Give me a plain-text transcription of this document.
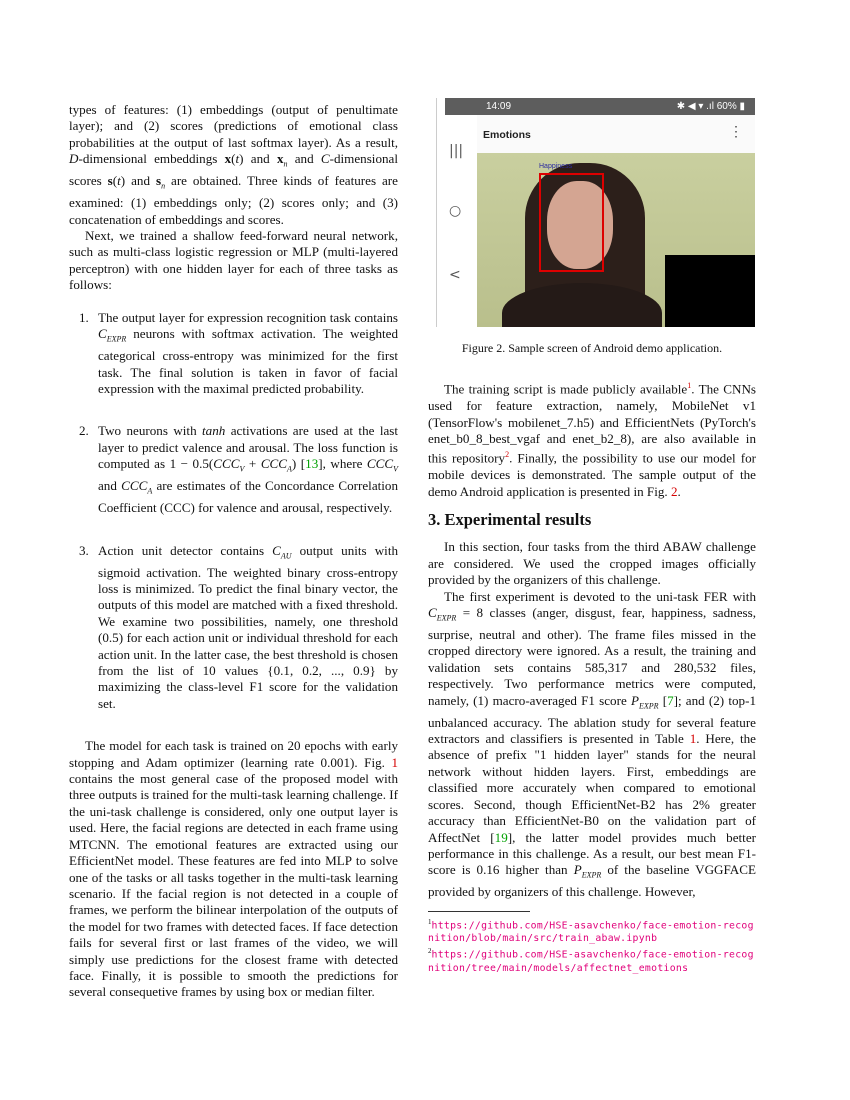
types of features: (1) embeddings (output of penultimate layer); and (2) scores (predictions of emotional class probabilities at the output of last softmax layer). As a result, D-dimensional embeddings x(t) and $x_n$ and C-dimensional scores s(t) and $s_n$ are obtained. Three kinds of features are examined: (1) embeddings only; (2) scores only; and (3) concatenation of embeddings and scores.

Next, we trained a shallow feed-forward neural network, such as multi-class logistic regression or MLP (multi-layered perceptron) with one hidden layer for each of three tasks as follows:

1. The output layer for expression recognition task contains $C_{EXPR}$ neurons with softmax activation. The weighted categorical cross-entropy was minimized for the first task. The final solution is taken in favor of facial expression with the maximal predicted probability.
2. Two neurons with tanh activations are used at the last layer to predict valence and arousal. The loss function is computed as $1 - 0.5(CCC_V + CCC_A)$ [13], where $CCC_V$ and $CCC_A$ are estimates of the Concordance Correlation Coefficient (CCC) for valence and arousal, respectively.
3. Action unit detector contains $C_{AU}$ output units with sigmoid activation. The weighted binary cross-entropy loss is minimized. To predict the final binary vector, the outputs of this model are matched with a fixed threshold. We examine two possibilities, namely, one threshold (0.5) for each action unit or individual threshold for each action unit. In the latter case, the best threshold is chosen from the list of 10 values {0.1, 0.2, ..., 0.9} by maximizing the class-level F1 score for the validation set.

The model for each task is trained on 20 epochs with early stopping and Adam optimizer (learning rate 0.001). Fig. 1 contains the most general case of the proposed model with three outputs is trained for the multi-task learning challenge. If the uni-task challenge is considered, only one output layer is used. Here, the facial regions are detected in each frame using MTCNN. The emotional features are extracted using our EfficientNet model. These features are fed into MLP to solve one of the tasks or all tasks together in the multi-task learning scenario. If the facial region is not detected in a couple of frames, we perform the bilinear interpolation of the outputs of the model for two frames with detected faces. If face detection fails for several first or last frames of the video, we will simply use predictions for the closest frame with detected face. Finally, it is possible to smooth the predictions for several consequetive frames by using box or median filter.

14:09	✱ ◀ ▾ .ıl 60% ▮
|||
○
<
Emotions	⋮
Happiness
Figure 2. Sample screen of Android demo application.

The training script is made publicly available$^1$. The CNNs used for feature extraction, namely, MobileNet v1 (TensorFlow's mobilenet_7.h5) and EfficientNets (PyTorch's enet_b0_8_best_vgaf and enet_b2_8), are also available in this repository$^2$. Finally, the possibility to use our model for mobile devices is demonstrated. The sample output of the demo Android application is presented in Fig. 2.

3. Experimental results

In this section, four tasks from the third ABAW challenge are considered. We used the cropped images officially provided by the organizers of this challenge.

The first experiment is devoted to the uni-task FER with $C_{EXPR} = 8$ classes (anger, disgust, fear, happiness, sadness, surprise, neutral and other). The frame files missed in the cropped directory were ignored. As a result, the training and validation sets contains 585,317 and 280,532 files, respectively. Two performance metrics were computed, namely, (1) macro-averaged F1 score $P_{EXPR}$ [7]; and (2) top-1 unbalanced accuracy. The ablation study for several feature extractors and classifiers is presented in Table 1. Here, the absence of prefix "1 hidden layer" stands for the neural network without hidden layers. First, embeddings are classified more accurately when compared to emotional scores. Second, though EfficientNet-B2 has 2% greater accuracy than EfficientNet-B0 on the validation part of AffectNet [19], the latter model provides much better performance in this challenge. As a result, our best mean F1-score is 0.16 higher than $P_{EXPR}$ of the baseline VGGFACE provided by organizers of this challenge. However,

$^1$https://github.com/HSE-asavchenko/face-emotion-recognition/blob/main/src/train_abaw.ipynb
$^2$https://github.com/HSE-asavchenko/face-emotion-recognition/tree/main/models/affectnet_emotions
